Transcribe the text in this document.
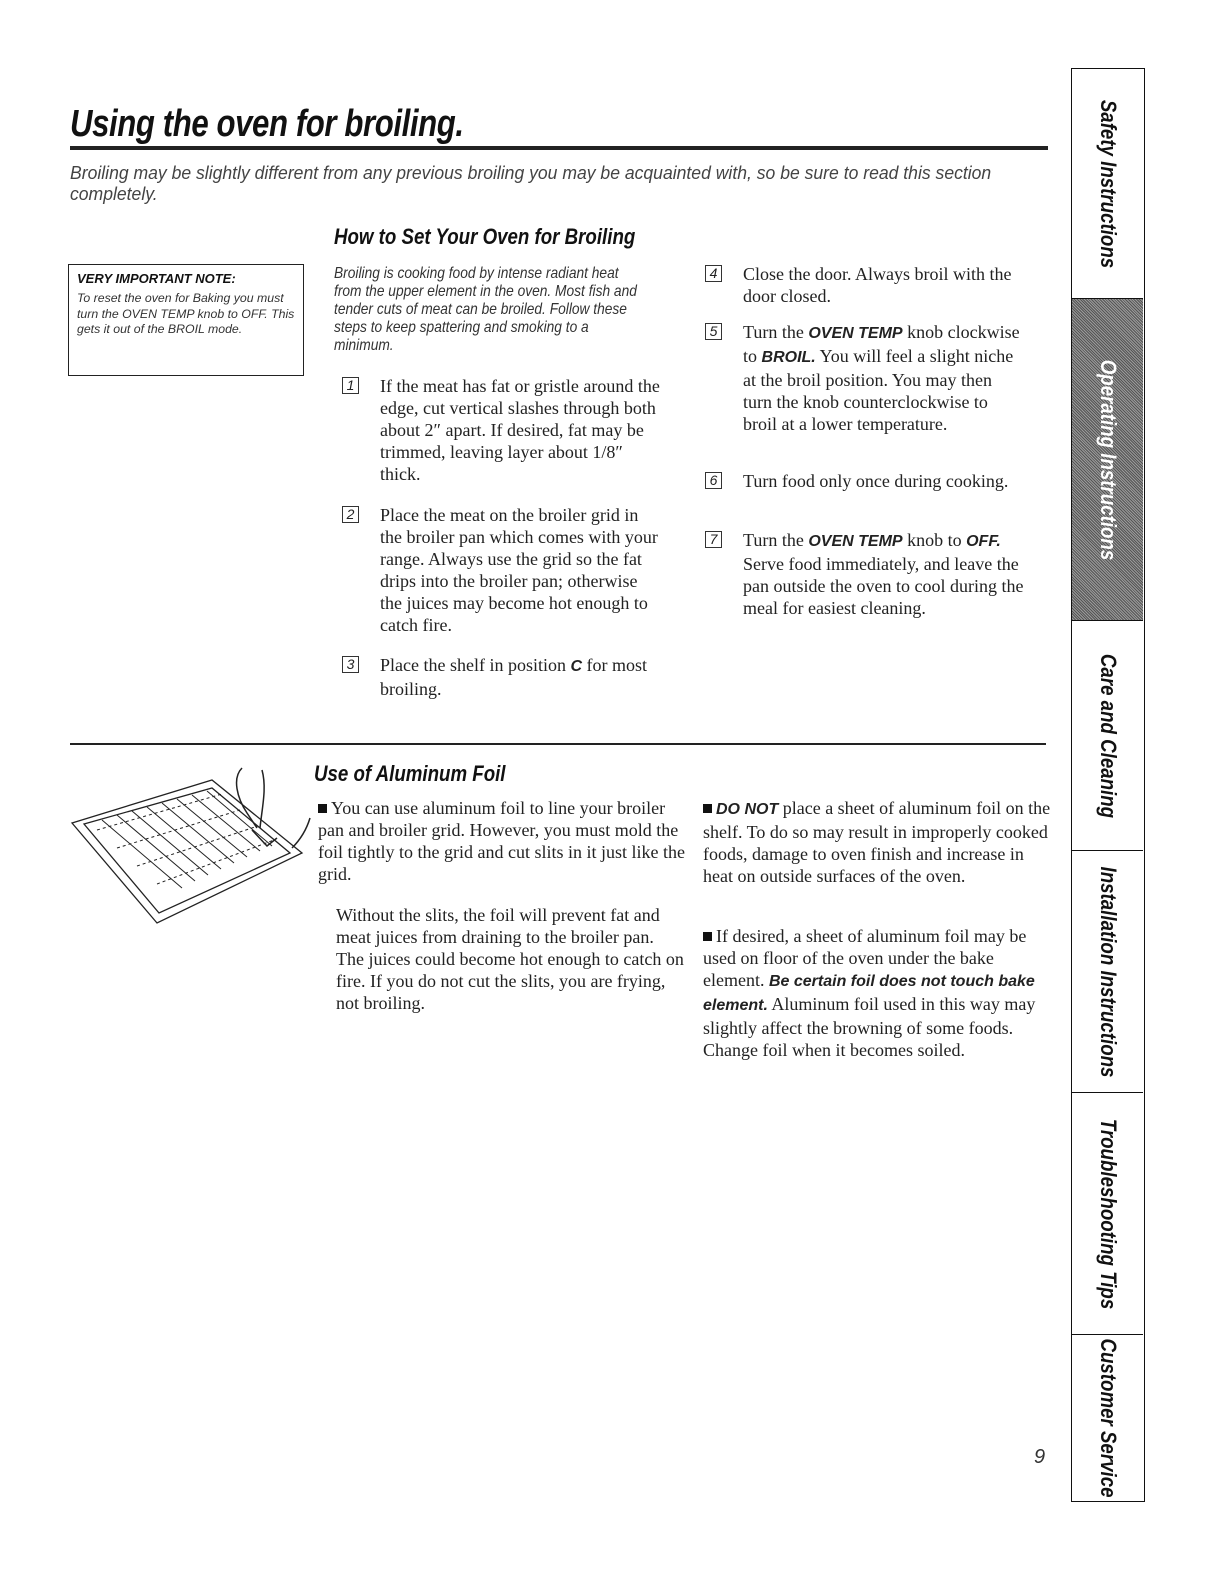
Using the oven for broiling.
Broiling may be slightly different from any previous broiling you may be acquainted with, so be sure to read this section completely.
How to Set Your Oven for Broiling
VERY IMPORTANT NOTE:
To reset the oven for Baking you must turn the OVEN TEMP knob to OFF. This gets it out of the BROIL mode.
Broiling is cooking food by intense radiant heat from the upper element in the oven. Most fish and tender cuts of meat can be broiled. Follow these steps to keep spattering and smoking to a minimum.
1 If the meat has fat or gristle around the edge, cut vertical slashes through both about 2″ apart. If desired, fat may be trimmed, leaving layer about 1/8″ thick.
2 Place the meat on the broiler grid in the broiler pan which comes with your range. Always use the grid so the fat drips into the broiler pan; otherwise the juices may become hot enough to catch fire.
3 Place the shelf in position C for most broiling.
4 Close the door. Always broil with the door closed.
5 Turn the OVEN TEMP knob clockwise to BROIL. You will feel a slight niche at the broil position. You may then turn the knob counterclockwise to broil at a lower temperature.
6 Turn food only once during cooking.
7 Turn the OVEN TEMP knob to OFF. Serve food immediately, and leave the pan outside the oven to cool during the meal for easiest cleaning.
Use of Aluminum Foil
You can use aluminum foil to line your broiler pan and broiler grid. However, you must mold the foil tightly to the grid and cut slits in it just like the grid.
Without the slits, the foil will prevent fat and meat juices from draining to the broiler pan. The juices could become hot enough to catch on fire. If you do not cut the slits, you are frying, not broiling.
DO NOT place a sheet of aluminum foil on the shelf. To do so may result in improperly cooked foods, damage to oven finish and increase in heat on outside surfaces of the oven.
If desired, a sheet of aluminum foil may be used on floor of the oven under the bake element. Be certain foil does not touch bake element. Aluminum foil used in this way may slightly affect the browning of some foods. Change foil when it becomes soiled.
9
Safety Instructions
Operating Instructions
Care and Cleaning
Installation Instructions
Troubleshooting Tips
Customer Service
